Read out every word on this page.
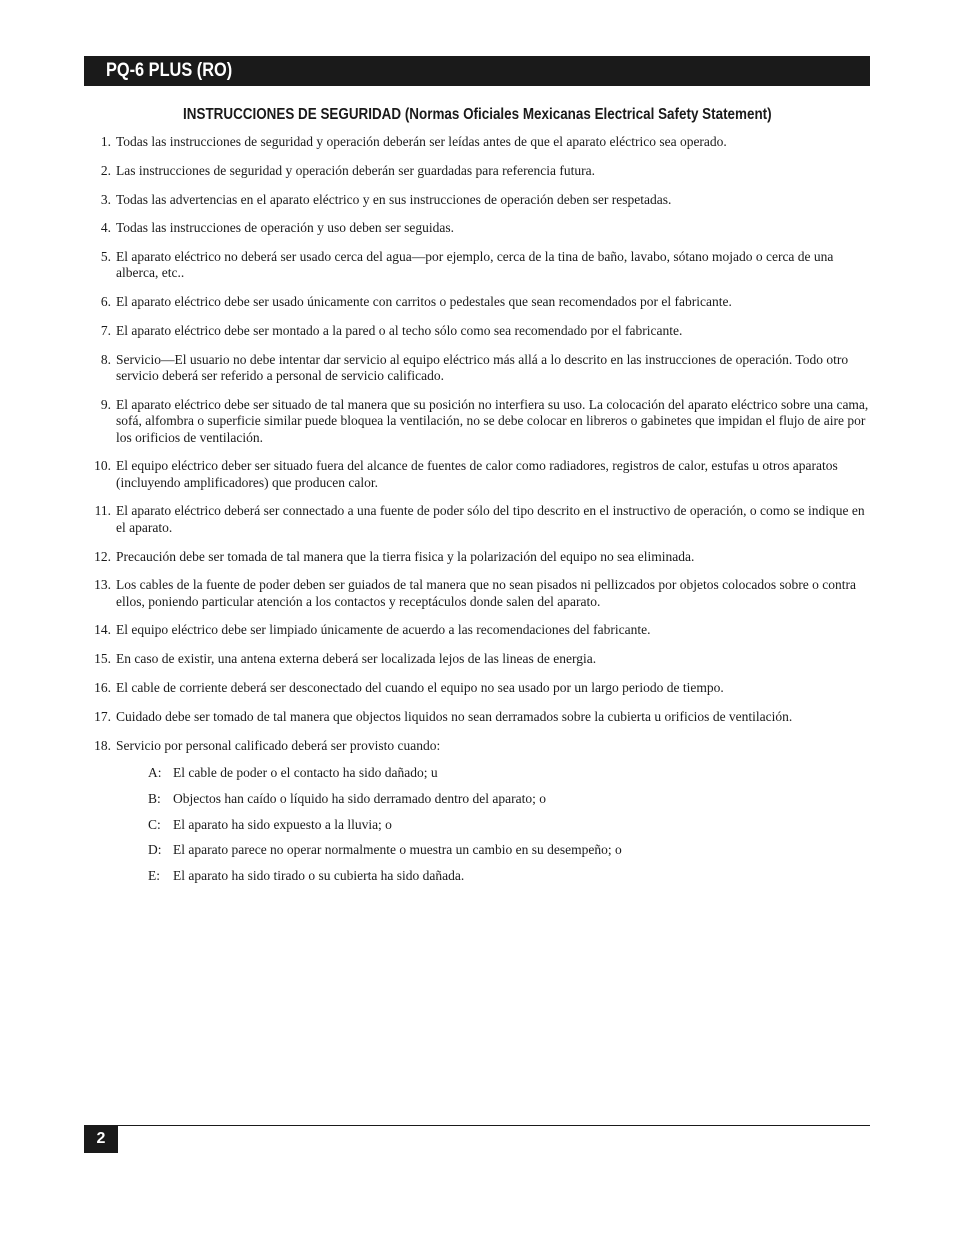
PQ-6 PLUS (RO)
INSTRUCCIONES DE SEGURIDAD (Normas Oficiales Mexicanas Electrical Safety Statement)
1. Todas las instrucciones de seguridad y operación deberán ser leídas antes de que el aparato eléctrico sea operado.
2. Las instrucciones de seguridad y operación deberán ser guardadas para referencia futura.
3. Todas las advertencias en el aparato eléctrico y en sus instrucciones de operación deben ser respetadas.
4. Todas las instrucciones de operación y uso deben ser seguidas.
5. El aparato eléctrico no deberá ser usado cerca del agua—por ejemplo, cerca de la tina de baño, lavabo, sótano mojado o cerca de una alberca, etc..
6. El aparato eléctrico debe ser usado únicamente con carritos o pedestales que sean recomendados por el fabricante.
7. El aparato eléctrico debe ser montado a la pared o al techo sólo como sea recomendado por el fabricante.
8. Servicio—El usuario no debe intentar dar servicio al equipo eléctrico más allá a lo descrito en las instrucciones de operación. Todo otro servicio deberá ser referido a personal de servicio calificado.
9. El aparato eléctrico debe ser situado de tal manera que su posición no interfiera su uso. La colocación del aparato eléctrico sobre una cama, sofá, alfombra o superficie similar puede bloquea la ventilación, no se debe colocar en libreros o gabinetes que impidan el flujo de aire por los orificios de ventilación.
10. El equipo eléctrico deber ser situado fuera del alcance de fuentes de calor como radiadores, registros de calor, estufas u otros aparatos (incluyendo amplificadores) que producen calor.
11. El aparato eléctrico deberá ser connectado a una fuente de poder sólo del tipo descrito en el instructivo de operación, o como se indique en el aparato.
12. Precaución debe ser tomada de tal manera que la tierra fisica y la polarización del equipo no sea eliminada.
13. Los cables de la fuente de poder deben ser guiados de tal manera que no sean pisados ni pellizcados por objetos colocados sobre o contra ellos, poniendo particular atención a los contactos y receptáculos donde salen del aparato.
14. El equipo eléctrico debe ser limpiado únicamente de acuerdo a las recomendaciones del fabricante.
15. En caso de existir, una antena externa deberá ser localizada lejos de las lineas de energia.
16. El cable de corriente deberá ser desconectado del cuando el equipo no sea usado por un largo periodo de tiempo.
17. Cuidado debe ser tomado de tal manera que objectos liquidos no sean derramados sobre la cubierta u orificios de ventilación.
18. Servicio por personal calificado deberá ser provisto cuando:
A: El cable de poder o el contacto ha sido dañado; u
B: Objectos han caído o líquido ha sido derramado dentro del aparato; o
C: El aparato ha sido expuesto a la lluvia; o
D: El aparato parece no operar normalmente o muestra un cambio en su desempeño; o
E: El aparato ha sido tirado o su cubierta ha sido dañada.
2
